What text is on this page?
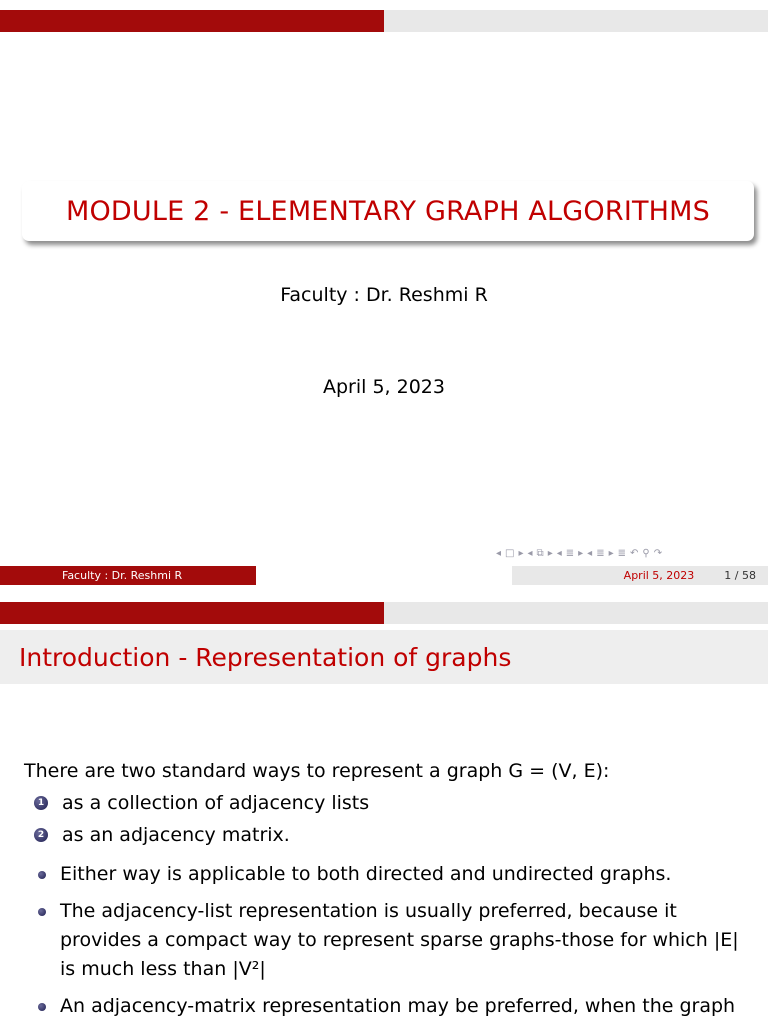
MODULE 2 - ELEMENTARY GRAPH ALGORITHMS
Faculty : Dr. Reshmi R
April 5, 2023
◂ □ ▸ ◂ ⧉ ▸ ◂ ≣ ▸ ◂ ≣ ▸ ≣ ↶ ⚲ ↷
Faculty : Dr. Reshmi R	April 5, 2023	1 / 58
Introduction - Representation of graphs

There are two standard ways to represent a graph G = (V, E):

1 as a collection of adjacency lists
2 as an adjacency matrix.
Either way is applicable to both directed and undirected graphs.
The adjacency-list representation is usually preferred, because it provides a compact way to represent sparse graphs-those for which |E| is much less than |V²|
An adjacency-matrix representation may be preferred, when the graph
